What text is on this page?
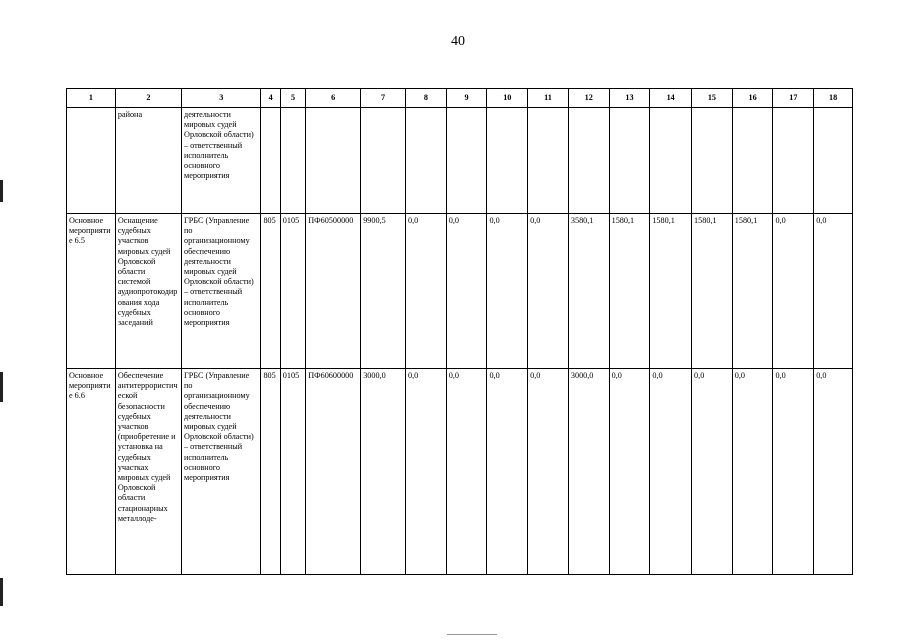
40
1	2	3	4	5	6	7	8	9	10	11	12	13	14	15	16	17	18
	района	деятельности мировых судей Орловской области) – ответственный исполнитель основного мероприятия															
Основное мероприятие 6.5	Оснащение судебных участков мировых судей Орловской области системой аудиопротокодирования хода судебных заседаний	ГРБС (Управление по организационному обеспечению деятельности мировых судей Орловской области) – ответственный исполнитель основного мероприятия	805	0105	ПФ60500000	9900,5	0,0	0,0	0,0	0,0	3580,1	1580,1	1580,1	1580,1	1580,1	0,0	0,0
Основное мероприятие 6.6	Обеспечение антитеррористической безопасности судебных участков (приобретение и установка на судебных участках мировых судей Орловской области стационарных металлоде-	ГРБС (Управление по организационному обеспечению деятельности мировых судей Орловской области) – ответственный исполнитель основного мероприятия	805	0105	ПФ60600000	3000,0	0,0	0,0	0,0	0,0	3000,0	0,0	0,0	0,0	0,0	0,0	0,0
